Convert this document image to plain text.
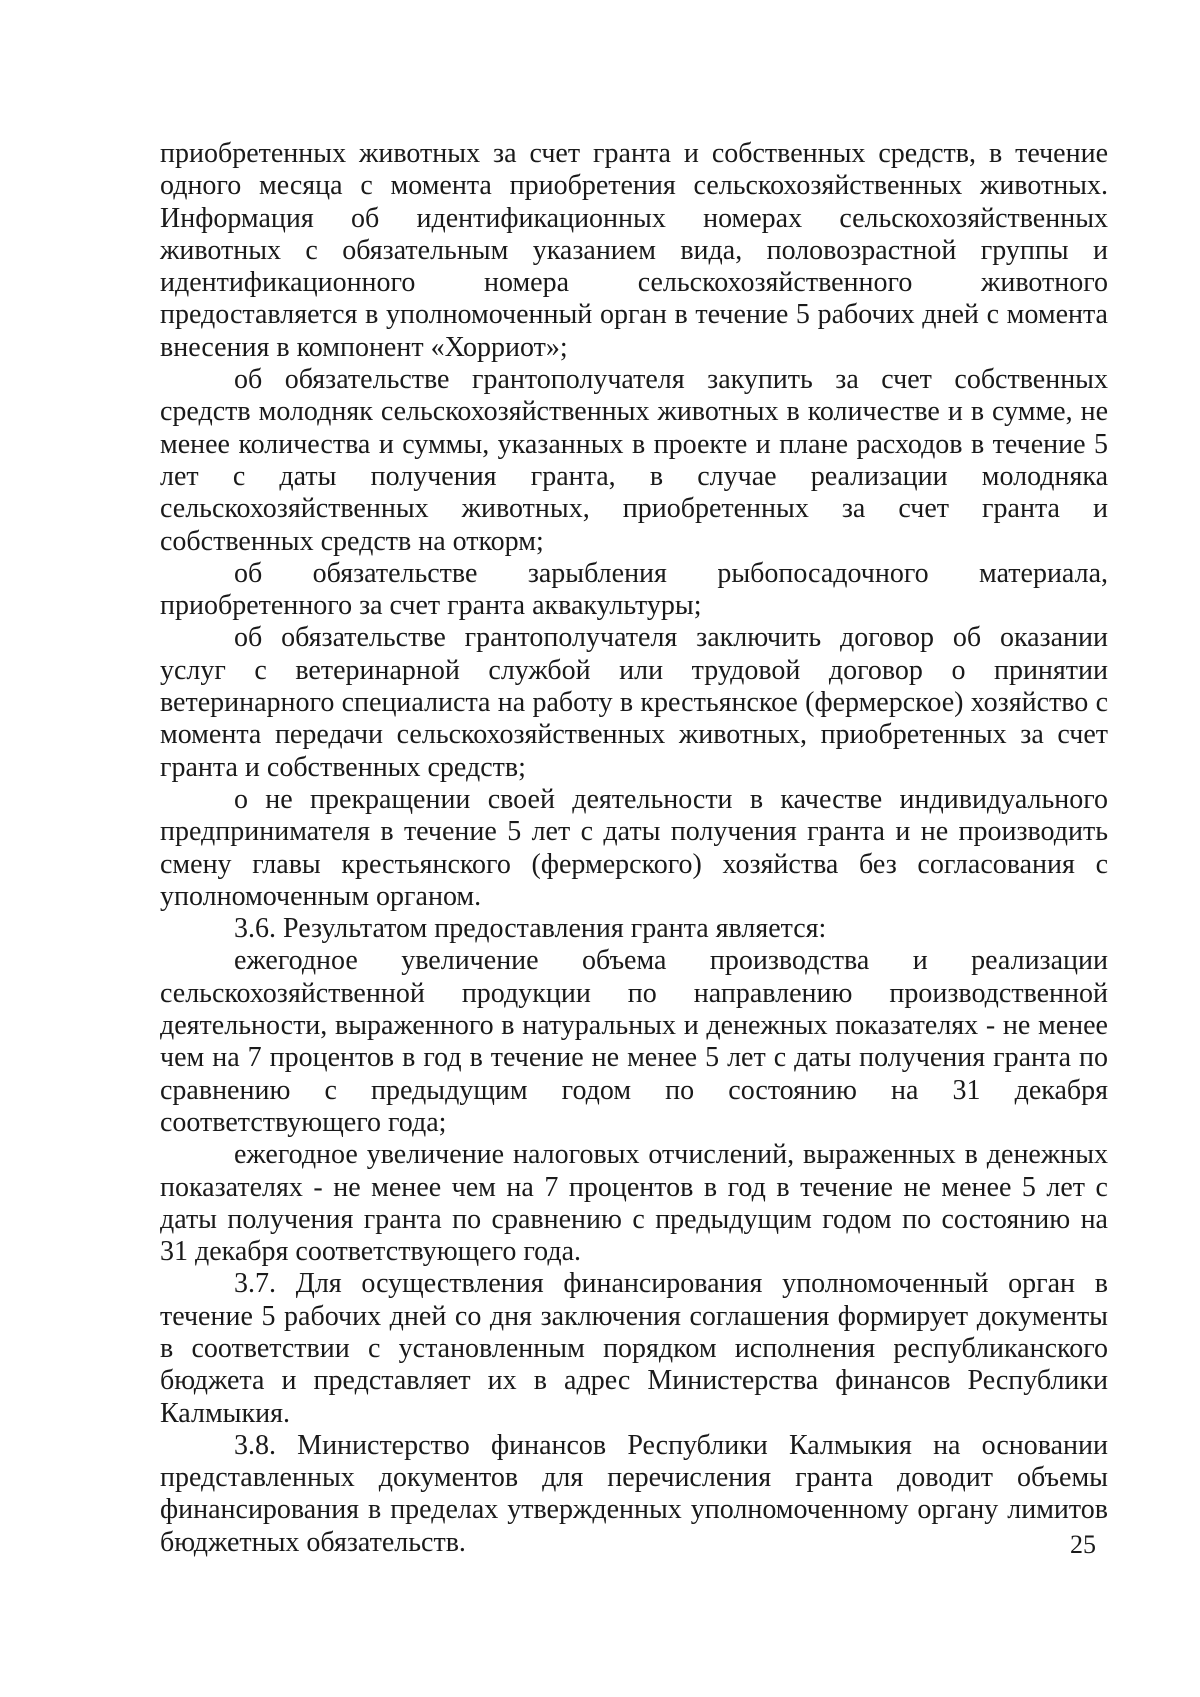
приобретенных животных за счет гранта и собственных средств, в течение одного месяца с момента приобретения сельскохозяйственных животных. Информация об идентификационных номерах сельскохозяйственных животных с обязательным указанием вида, половозрастной группы и идентификационного номера сельскохозяйственного животного предоставляется в уполномоченный орган в течение 5 рабочих дней с момента внесения в компонент «Хорриот»;

об обязательстве грантополучателя закупить за счет собственных средств молодняк сельскохозяйственных животных в количестве и в сумме, не менее количества и суммы, указанных в проекте и плане расходов в течение 5 лет с даты получения гранта, в случае реализации молодняка сельскохозяйственных животных, приобретенных за счет гранта и собственных средств на откорм;

об обязательстве зарыбления рыбопосадочного материала, приобретенного за счет гранта аквакультуры;

об обязательстве грантополучателя заключить договор об оказании услуг с ветеринарной службой или трудовой договор о принятии ветеринарного специалиста на работу в крестьянское (фермерское) хозяйство с момента передачи сельскохозяйственных животных, приобретенных за счет гранта и собственных средств;

о не прекращении своей деятельности в качестве индивидуального предпринимателя в течение 5 лет с даты получения гранта и не производить смену главы крестьянского (фермерского) хозяйства без согласования с уполномоченным органом.

3.6. Результатом предоставления гранта является:

ежегодное увеличение объема производства и реализации сельскохозяйственной продукции по направлению производственной деятельности, выраженного в натуральных и денежных показателях - не менее чем на 7 процентов в год в течение не менее 5 лет с даты получения гранта по сравнению с предыдущим годом по состоянию на 31 декабря соответствующего года;

ежегодное увеличение налоговых отчислений, выраженных в денежных показателях - не менее чем на 7 процентов в год в течение не менее 5 лет с даты получения гранта по сравнению с предыдущим годом по состоянию на 31 декабря соответствующего года.

3.7. Для осуществления финансирования уполномоченный орган в течение 5 рабочих дней со дня заключения соглашения формирует документы в соответствии с установленным порядком исполнения республиканского бюджета и представляет их в адрес Министерства финансов Республики Калмыкия.

3.8. Министерство финансов Республики Калмыкия на основании представленных документов для перечисления гранта доводит объемы финансирования в пределах утвержденных уполномоченному органу лимитов бюджетных обязательств.	25
